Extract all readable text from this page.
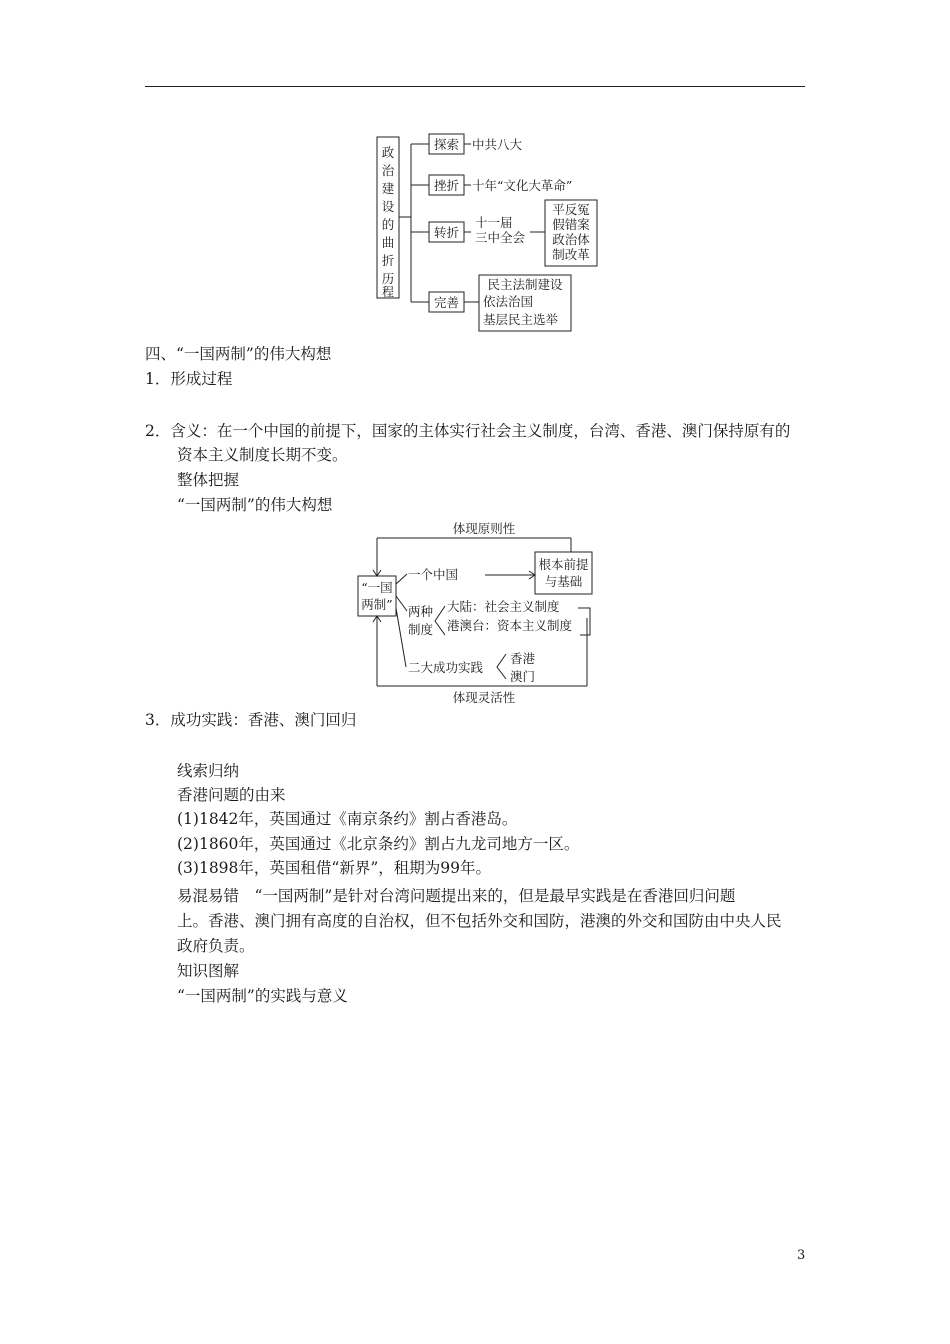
政
治
建
设
的
曲
折
历
程
探索
挫折
转折
完善
中共八大
十年“文化大革命”
十一届
三中全会
平反冤
假错案
政治体
制改革
民主法制建设
依法治国
基层民主选举
四、“一国两制”的伟大构想
1．形成过程
2．含义：在一个中国的前提下，国家的主体实行社会主义制度，台湾、香港、澳门保持原有的
资本主义制度长期不变。
整体把握
“一国两制”的伟大构想
体现原则性
体现灵活性
“一国
两制”
一个中国
根本前提
与基础
两种
制度
大陆：社会主义制度
港澳台：资本主义制度
二大成功实践
香港
澳门
3．成功实践：香港、澳门回归
线索归纳
香港问题的由来
(1)1842年，英国通过《南京条约》割占香港岛。
(2)1860年，英国通过《北京条约》割占九龙司地方一区。
(3)1898年，英国租借“新界”，租期为99年。
易混易错　“一国两制”是针对台湾问题提出来的，但是最早实践是在香港回归问题
上。香港、澳门拥有高度的自治权，但不包括外交和国防，港澳的外交和国防由中央人民
政府负责。
知识图解
“一国两制”的实践与意义
3
